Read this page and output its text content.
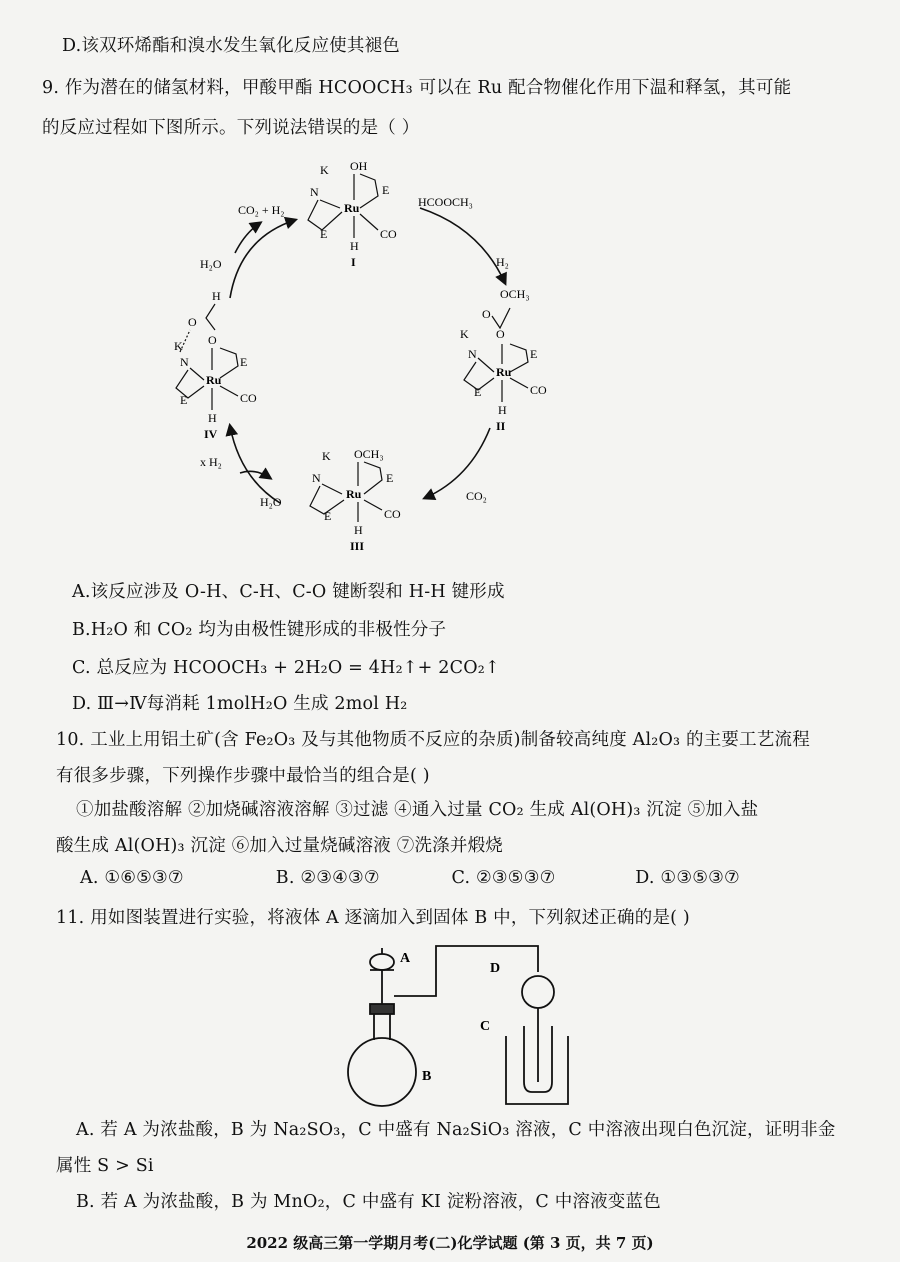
D.该双环烯酯和溴水发生氧化反应使其褪色
9. 作为潜在的储氢材料，甲酸甲酯 HCOOCH₃ 可以在 Ru 配合物催化作用下温和释氢，其可能
的反应过程如下图所示。下列说法错误的是（ ）
K OH
N
Ru
E
E	CO
H
I
OCH₃
O
O
K
N
Ru
E
E	CO
H
II
K OCH₃
N
Ru
E
E	CO
H
III
H
O
O
K
N
Ru
E
E	CO
H
IV
CO₂ + H₂
HCOOCH₃
H₂
H₂O
CO₂
x H₂
H₂O
A.该反应涉及 O-H、C-H、C-O 键断裂和 H-H 键形成
B.H₂O 和 CO₂ 均为由极性键形成的非极性分子
C. 总反应为 HCOOCH₃ + 2H₂O = 4H₂↑+ 2CO₂↑
D. Ⅲ→Ⅳ每消耗 1molH₂O 生成 2mol H₂
10. 工业上用铝土矿(含 Fe₂O₃ 及与其他物质不反应的杂质)制备较高纯度 Al₂O₃ 的主要工艺流程
有很多步骤，下列操作步骤中最恰当的组合是( )
①加盐酸溶解 ②加烧碱溶液溶解 ③过滤 ④通入过量 CO₂ 生成 Al(OH)₃ 沉淀 ⑤加入盐
酸生成 Al(OH)₃ 沉淀 ⑥加入过量烧碱溶液 ⑦洗涤并煅烧
A. ①⑥⑤③⑦	B. ②③④③⑦	C. ②③⑤③⑦	D. ①③⑤③⑦
11. 用如图装置进行实验，将液体 A 逐滴加入到固体 B 中，下列叙述正确的是( )
A
B
C
D
A. 若 A 为浓盐酸，B 为 Na₂SO₃，C 中盛有 Na₂SiO₃ 溶液，C 中溶液出现白色沉淀，证明非金
属性 S > Si
B. 若 A 为浓盐酸，B 为 MnO₂，C 中盛有 KI 淀粉溶液，C 中溶液变蓝色
2022 级高三第一学期月考(二)化学试题 (第 3 页，共 7 页)
